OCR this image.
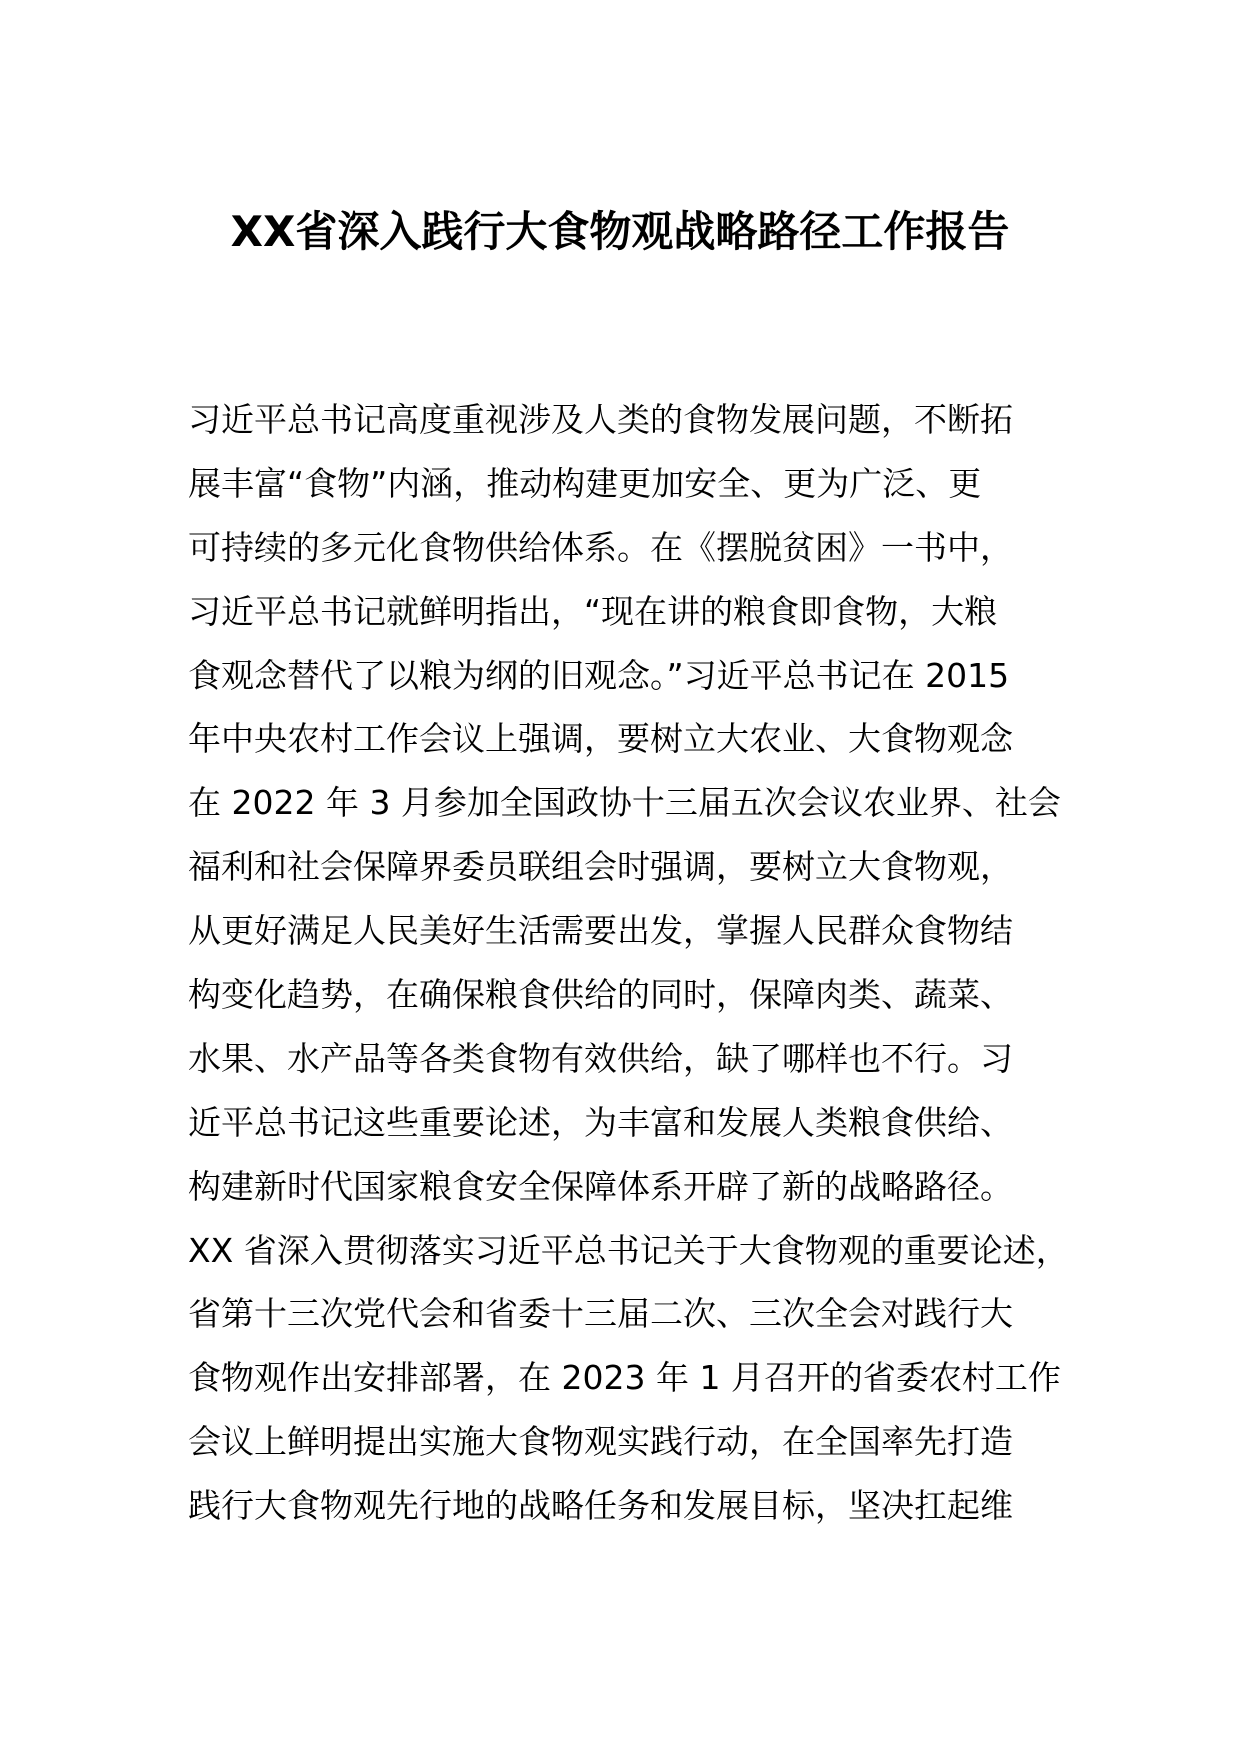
XX省深入践行大食物观战略路径工作报告
习近平总书记高度重视涉及人类的食物发展问题，不断拓
展丰富“食物”内涵，推动构建更加安全、更为广泛、更
可持续的多元化食物供给体系。在《摆脱贫困》一书中，
习近平总书记就鲜明指出，“现在讲的粮食即食物，大粮
食观念替代了以粮为纲的旧观念。”习近平总书记在 2015
年中央农村工作会议上强调，要树立大农业、大食物观念
在 2022 年 3 月参加全国政协十三届五次会议农业界、社会
福利和社会保障界委员联组会时强调，要树立大食物观，
从更好满足人民美好生活需要出发，掌握人民群众食物结
构变化趋势，在确保粮食供给的同时，保障肉类、蔬菜、
水果、水产品等各类食物有效供给，缺了哪样也不行。习
近平总书记这些重要论述，为丰富和发展人类粮食供给、
构建新时代国家粮食安全保障体系开辟了新的战略路径。
XX 省深入贯彻落实习近平总书记关于大食物观的重要论述，
省第十三次党代会和省委十三届二次、三次全会对践行大
食物观作出安排部署，在 2023 年 1 月召开的省委农村工作
会议上鲜明提出实施大食物观实践行动，在全国率先打造
践行大食物观先行地的战略任务和发展目标，坚决扛起维
